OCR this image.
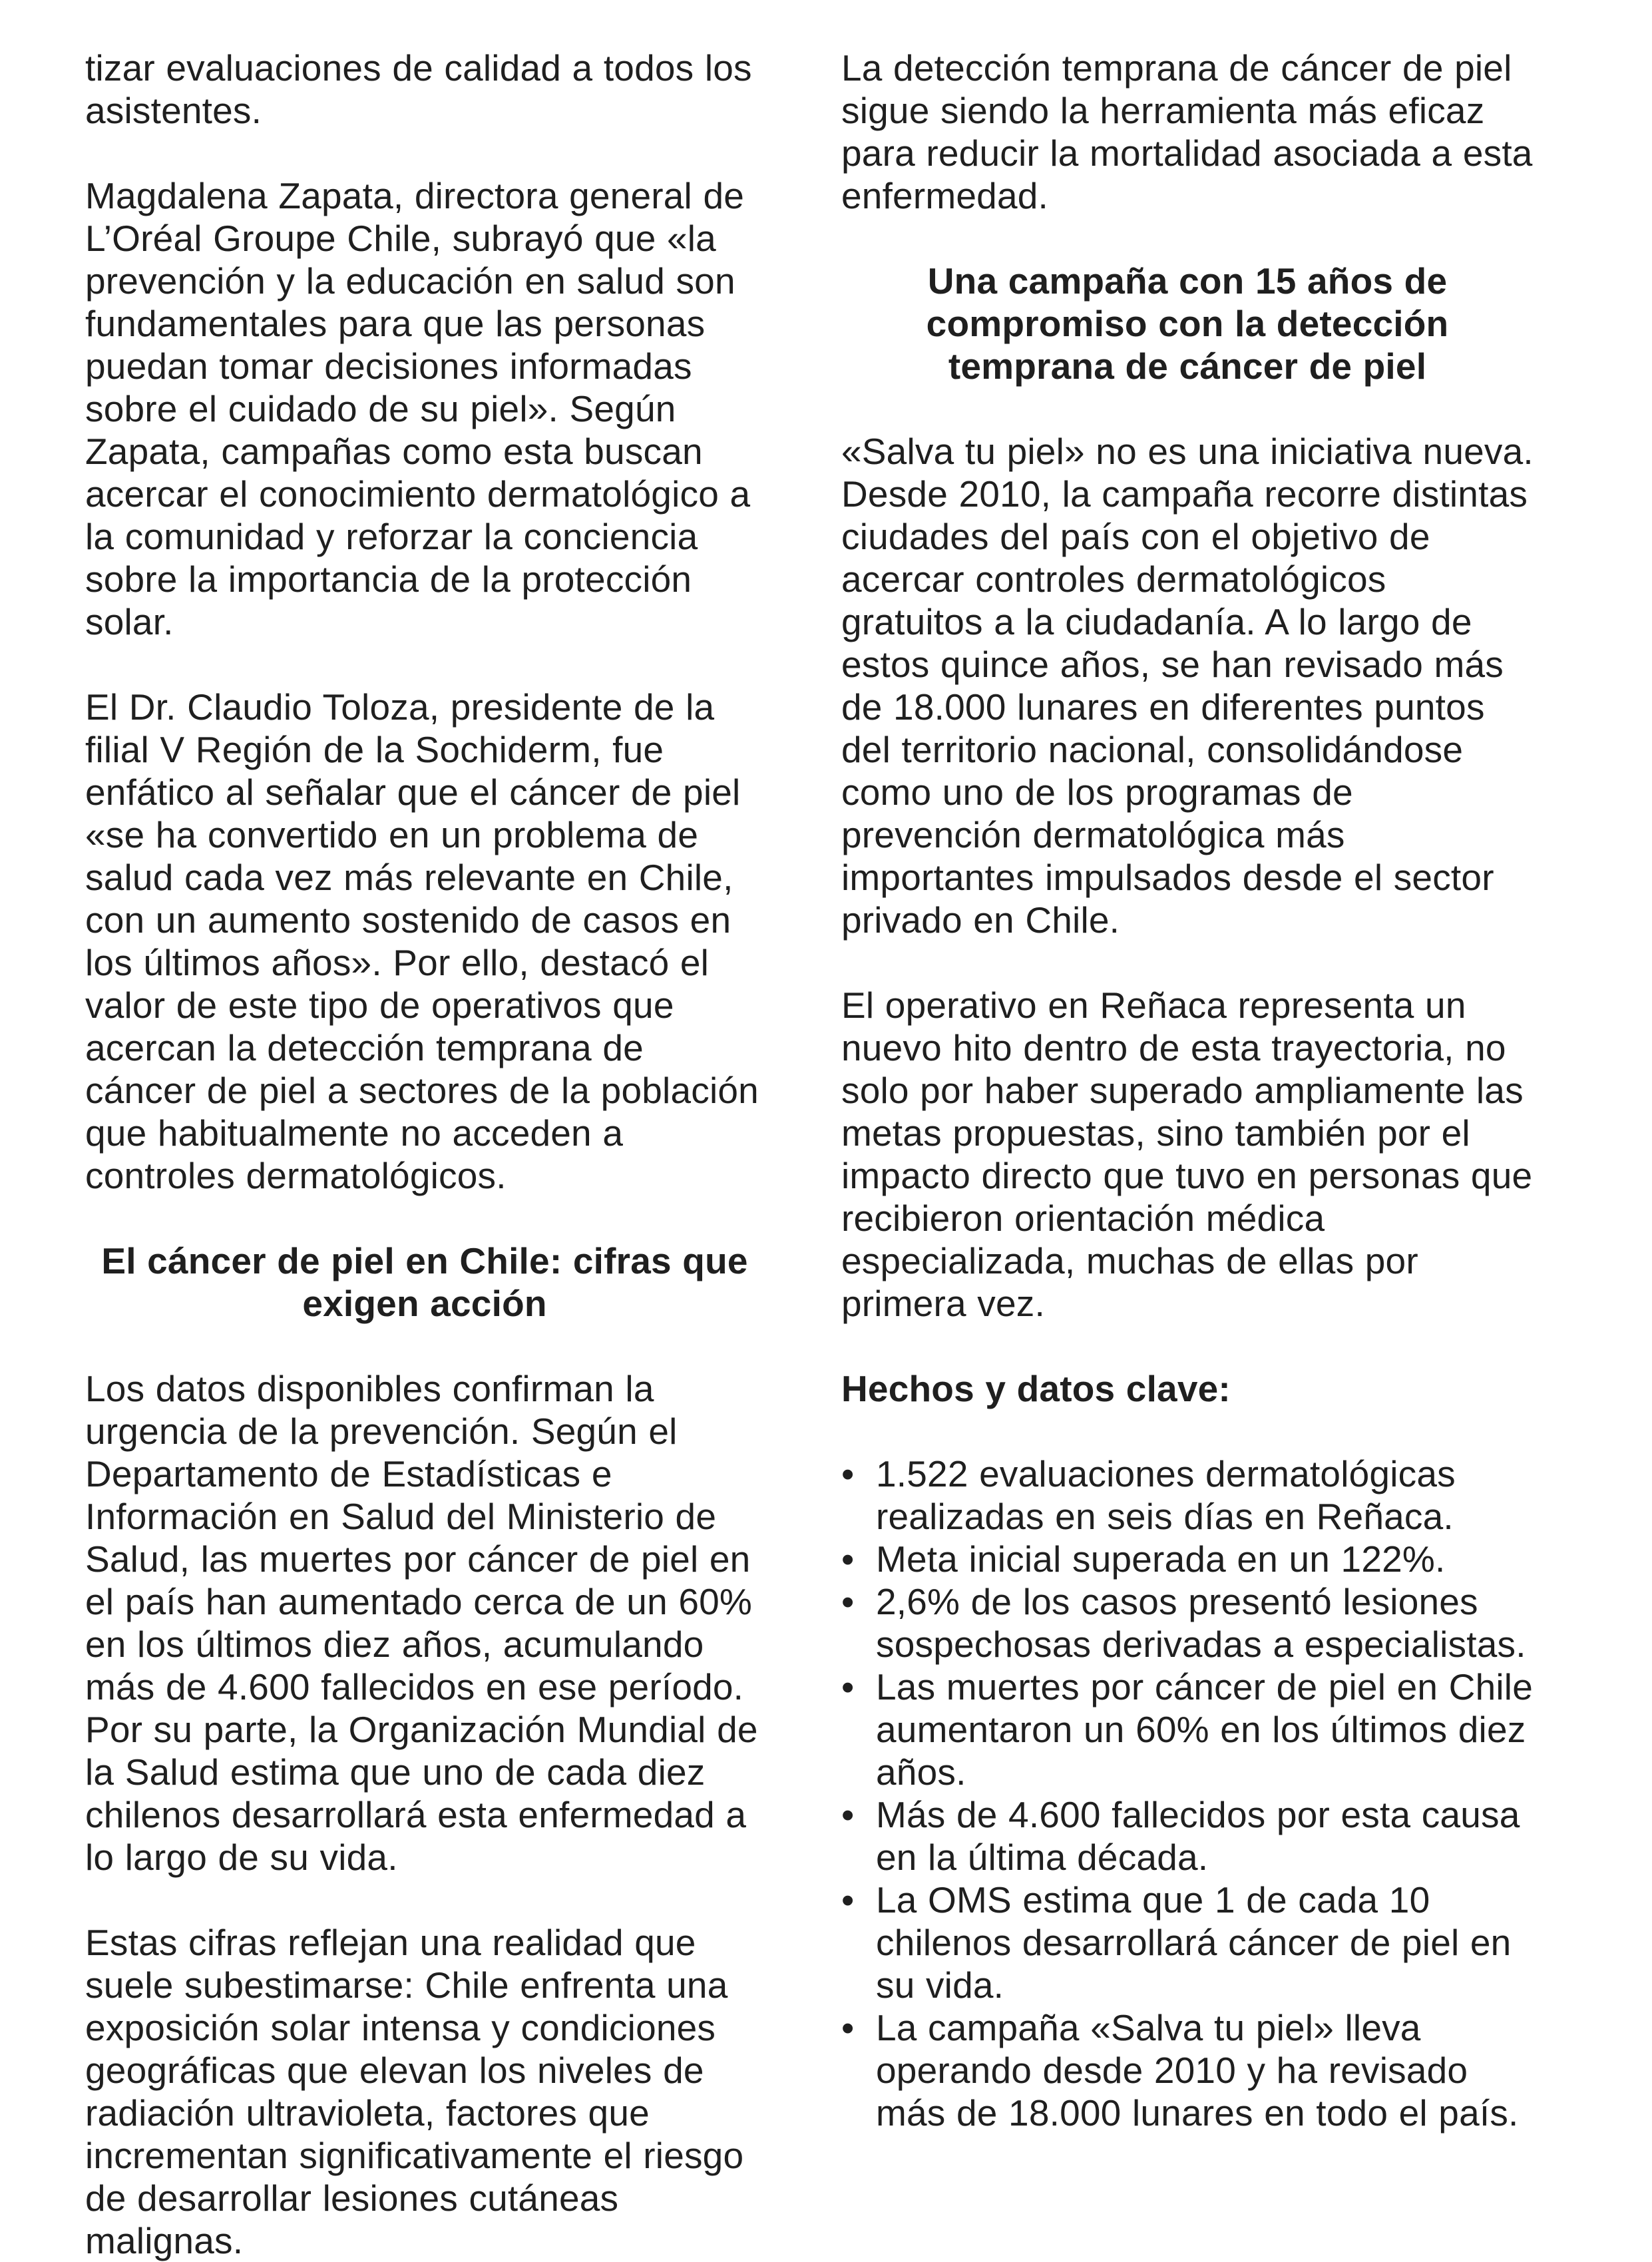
tizar evaluaciones de calidad a todos los asistentes.

Magdalena Zapata, directora general de L’Oréal Groupe Chile, subrayó que «la prevención y la educación en salud son fundamentales para que las personas puedan tomar decisiones informadas sobre el cuidado de su piel». Según Zapata, campañas como esta buscan acercar el conocimiento dermatológico a la comunidad y reforzar la conciencia sobre la importancia de la protección solar.

El Dr. Claudio Toloza, presidente de la filial V Región de la Sochiderm, fue enfático al señalar que el cáncer de piel «se ha convertido en un problema de salud cada vez más relevante en Chile, con un aumento sostenido de casos en los últimos años». Por ello, destacó el valor de este tipo de operativos que acercan la detección temprana de cáncer de piel a sectores de la población que habitualmente no acceden a controles dermatológicos.

El cáncer de piel en Chile: cifras que exigen acción

Los datos disponibles confirman la urgencia de la prevención. Según el Departamento de Estadísticas e Información en Salud del Ministerio de Salud, las muertes por cáncer de piel en el país han aumentado cerca de un 60% en los últimos diez años, acumulando más de 4.600 fallecidos en ese período. Por su parte, la Organización Mundial de la Salud estima que uno de cada diez chilenos desarrollará esta enfermedad a lo largo de su vida.

Estas cifras reflejan una realidad que suele subestimarse: Chile enfrenta una exposición solar intensa y condiciones geográficas que elevan los niveles de radiación ultravioleta, factores que incrementan significativamente el riesgo de desarrollar lesiones cutáneas malignas.

La detección temprana de cáncer de piel sigue siendo la herramienta más eficaz para reducir la mortalidad asociada a esta enfermedad.

Una campaña con 15 años de compromiso con la detección temprana de cáncer de piel

«Salva tu piel» no es una iniciativa nueva. Desde 2010, la campaña recorre distintas ciudades del país con el objetivo de acercar controles dermatológicos gratuitos a la ciudadanía. A lo largo de estos quince años, se han revisado más de 18.000 lunares en diferentes puntos del territorio nacional, consolidándose como uno de los programas de prevención dermatológica más importantes impulsados desde el sector privado en Chile.

El operativo en Reñaca representa un nuevo hito dentro de esta trayectoria, no solo por haber superado ampliamente las metas propuestas, sino también por el impacto directo que tuvo en personas que recibieron orientación médica especializada, muchas de ellas por primera vez.

Hechos y datos clave:
• 1.522 evaluaciones dermatológicas realizadas en seis días en Reñaca.
• Meta inicial superada en un 122%.
• 2,6% de los casos presentó lesiones sospechosas derivadas a especialistas.
• Las muertes por cáncer de piel en Chile aumentaron un 60% en los últimos diez años.
• Más de 4.600 fallecidos por esta causa en la última década.
• La OMS estima que 1 de cada 10 chilenos desarrollará cáncer de piel en su vida.
• La campaña «Salva tu piel» lleva operando desde 2010 y ha revisado más de 18.000 lunares en todo el país.
